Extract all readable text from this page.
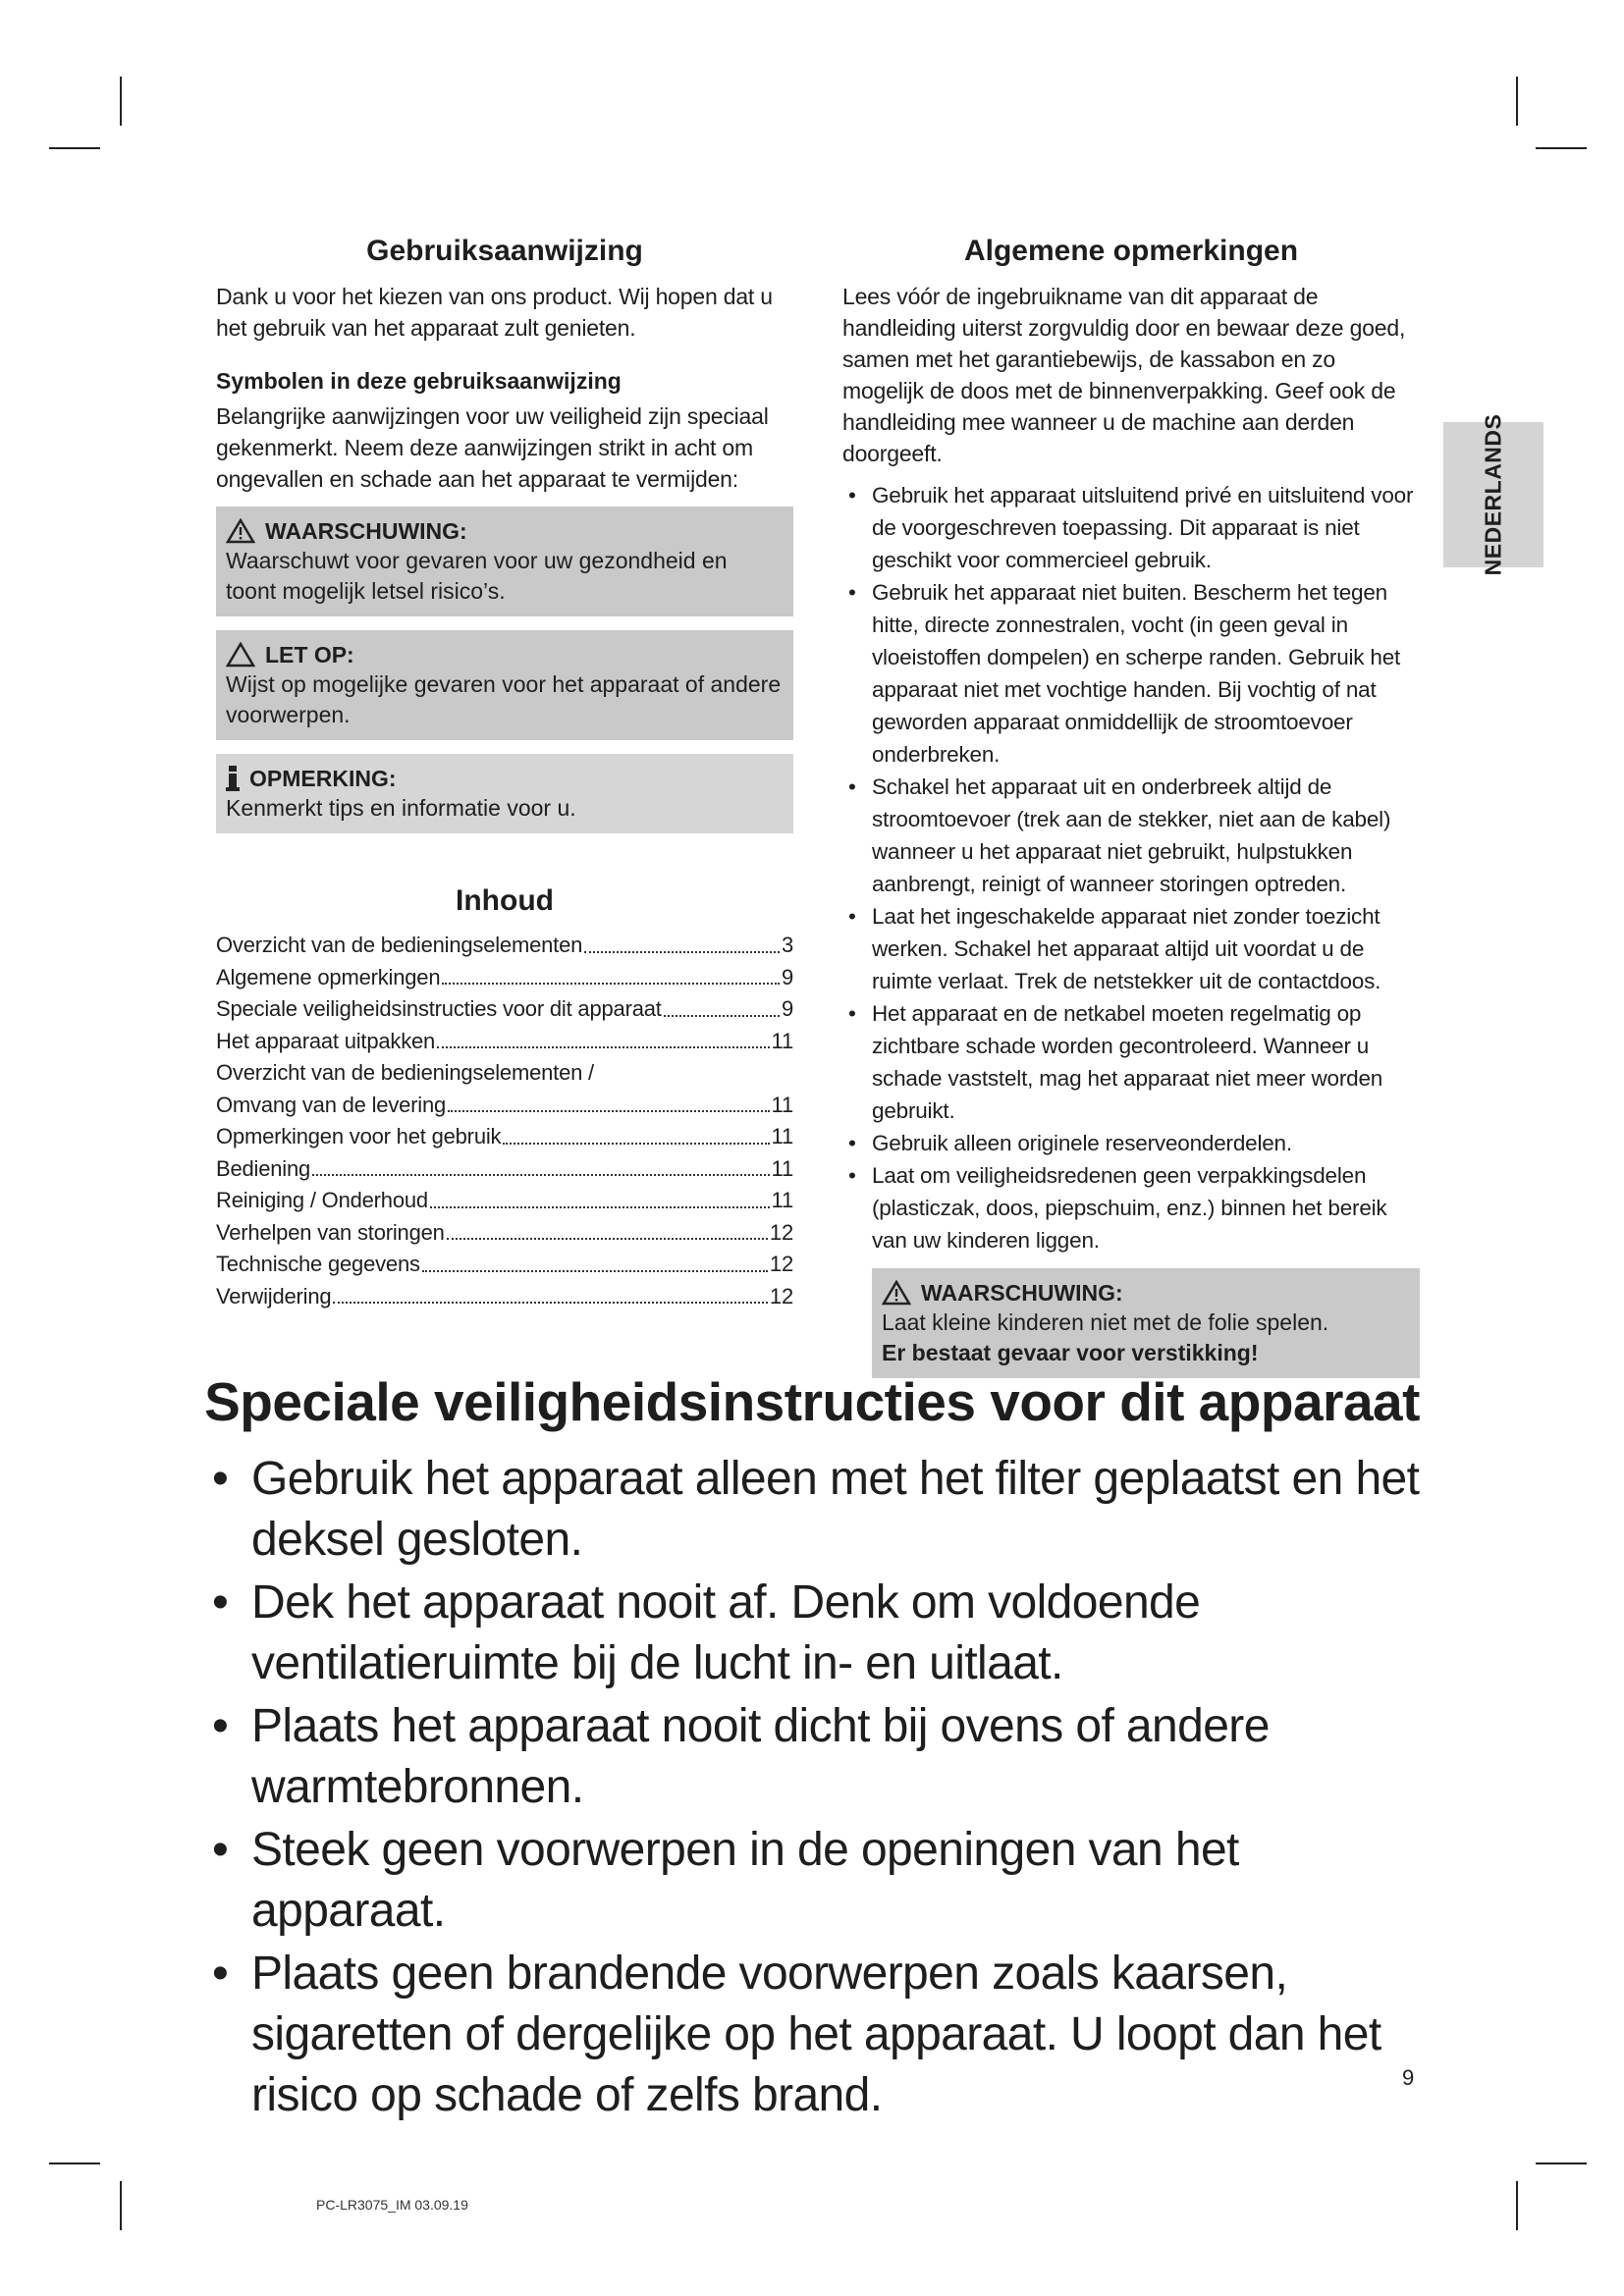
Gebruiksaanwijzing

Dank u voor het kiezen van ons product. Wij hopen dat u het gebruik van het apparaat zult genieten.

Symbolen in deze gebruiksaanwijzing

Belangrijke aanwijzingen voor uw veiligheid zijn speciaal gekenmerkt. Neem deze aanwijzingen strikt in acht om ongevallen en schade aan het apparaat te vermijden:

WAARSCHUWING:
Waarschuwt voor gevaren voor uw gezondheid en toont mogelijk letsel risico’s.
LET OP:
Wijst op mogelijke gevaren voor het apparaat of andere voorwerpen.
OPMERKING:
Kenmerkt tips en informatie voor u.
Inhoud
Overzicht van de bedieningselementen	3
Algemene opmerkingen	9
Speciale veiligheidsinstructies voor dit apparaat	9
Het apparaat uitpakken	11
Overzicht van de bedieningselementen /
Omvang van de levering	11
Opmerkingen voor het gebruik	11
Bediening	11
Reiniging / Onderhoud	11
Verhelpen van storingen	12
Technische gegevens	12
Verwijdering	12
Algemene opmerkingen

Lees vóór de ingebruikname van dit apparaat de handleiding uiterst zorgvuldig door en bewaar deze goed, samen met het garantiebewijs, de kassabon en zo mogelijk de doos met de binnenverpakking. Geef ook de handleiding mee wanneer u de machine aan derden doorgeeft.

• Gebruik het apparaat uitsluitend privé en uitsluitend voor de voorgeschreven toepassing. Dit apparaat is niet geschikt voor commercieel gebruik.
• Gebruik het apparaat niet buiten. Bescherm het tegen hitte, directe zonnestralen, vocht (in geen geval in vloeistoffen dompelen) en scherpe randen. Gebruik het apparaat niet met vochtige handen. Bij vochtig of nat geworden apparaat onmiddellijk de stroomtoevoer onderbreken.
• Schakel het apparaat uit en onderbreek altijd de stroomtoevoer (trek aan de stekker, niet aan de kabel) wanneer u het apparaat niet gebruikt, hulpstukken aanbrengt, reinigt of wanneer storingen optreden.
• Laat het ingeschakelde apparaat niet zonder toezicht werken. Schakel het apparaat altijd uit voordat u de ruimte verlaat. Trek de netstekker uit de contactdoos.
• Het apparaat en de netkabel moeten regelmatig op zichtbare schade worden gecontroleerd. Wanneer u schade vaststelt, mag het apparaat niet meer worden gebruikt.
• Gebruik alleen originele reserveonderdelen.
• Laat om veiligheidsredenen geen verpakkingsdelen (plasticzak, doos, piepschuim, enz.) binnen het bereik van uw kinderen liggen.
WAARSCHUWING:
Laat kleine kinderen niet met de folie spelen.
Er bestaat gevaar voor verstikking!
NEDERLANDS
Speciale veiligheidsinstructies voor dit apparaat
• Gebruik het apparaat alleen met het filter geplaatst en het deksel gesloten.
• Dek het apparaat nooit af. Denk om voldoende ventilatieruimte bij de lucht in- en uitlaat.
• Plaats het apparaat nooit dicht bij ovens of andere warmtebronnen.
• Steek geen voorwerpen in de openingen van het apparaat.
• Plaats geen brandende voorwerpen zoals kaarsen, sigaretten of dergelijke op het apparaat. U loopt dan het risico op schade of zelfs brand.	9
PC-LR3075_IM 03.09.19
